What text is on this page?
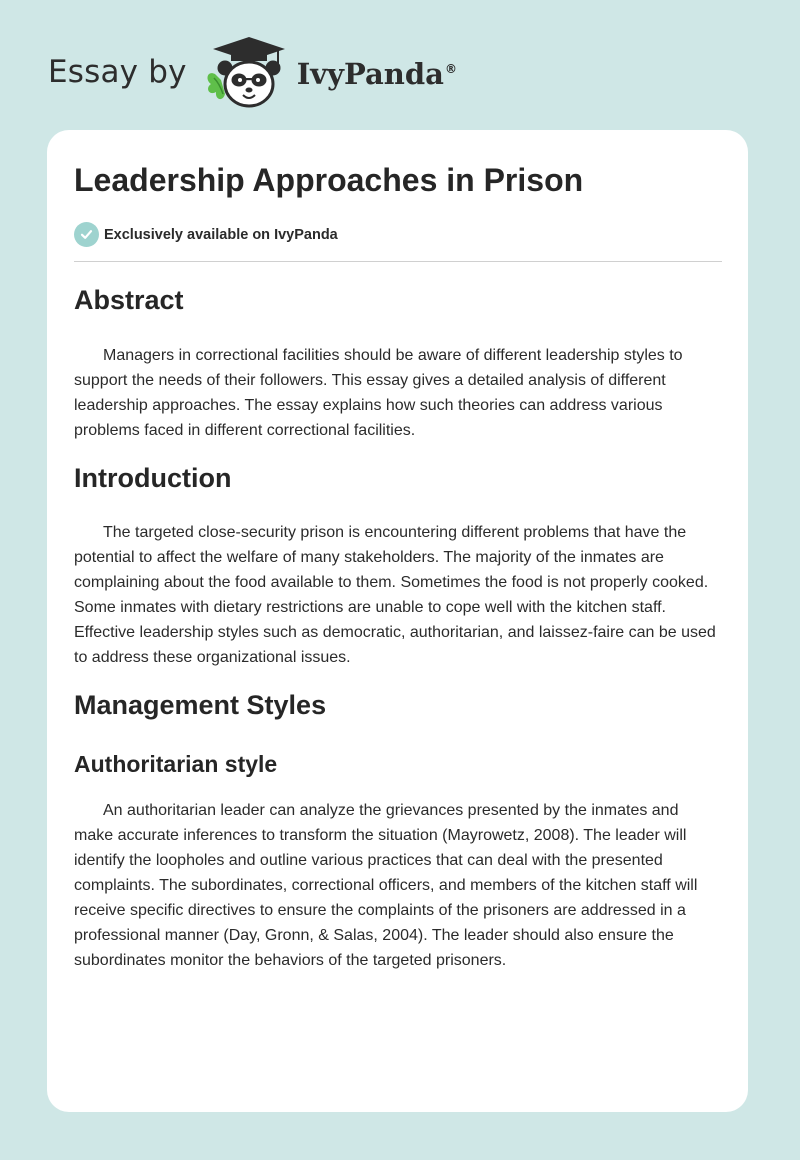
Essay by	IvyPanda®
Leadership Approaches in Prison
Exclusively available on IvyPanda
Abstract

Managers in correctional facilities should be aware of different leadership styles to support the needs of their followers. This essay gives a detailed analysis of different leadership approaches. The essay explains how such theories can address various problems faced in different correctional facilities.

Introduction

The targeted close-security prison is encountering different problems that have the potential to affect the welfare of many stakeholders. The majority of the inmates are complaining about the food available to them. Sometimes the food is not properly cooked. Some inmates with dietary restrictions are unable to cope well with the kitchen staff. Effective leadership styles such as democratic, authoritarian, and laissez-faire can be used to address these organizational issues.

Management Styles
Authoritarian style

An authoritarian leader can analyze the grievances presented by the inmates and make accurate inferences to transform the situation (Mayrowetz, 2008). The leader will identify the loopholes and outline various practices that can deal with the presented complaints. The subordinates, correctional officers, and members of the kitchen staff will receive specific directives to ensure the complaints of the prisoners are addressed in a professional manner (Day, Gronn, & Salas, 2004). The leader should also ensure the subordinates monitor the behaviors of the targeted prisoners.
